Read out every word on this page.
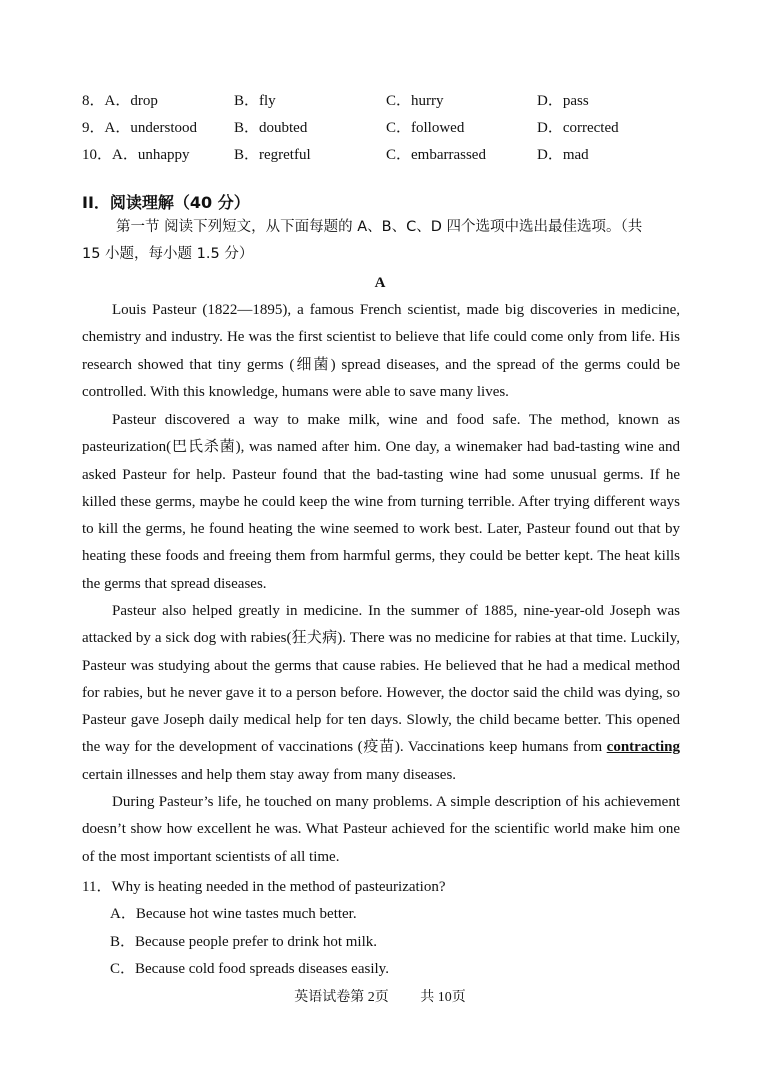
8．A．drop	B．fly	C．hurry	D．pass
9．A．understood B．doubted	C．followed	D．corrected
10．A．unhappy	B．regretful	C．embarrassed	D．mad
II．阅读理解（40 分）
第一节 阅读下列短文，从下面每题的 A、B、C、D 四个选项中选出最佳选项。（共
15 小题，每小题 1.5 分）
A

Louis Pasteur (1822—1895), a famous French scientist, made big discoveries in medicine, chemistry and industry. He was the first scientist to believe that life could come only from life. His research showed that tiny germs (细菌) spread diseases, and the spread of the germs could be controlled. With this knowledge, humans were able to save many lives.

Pasteur discovered a way to make milk, wine and food safe. The method, known as pasteurization(巴氏杀菌), was named after him. One day, a winemaker had bad-tasting wine and asked Pasteur for help. Pasteur found that the bad-tasting wine had some unusual germs. If he killed these germs, maybe he could keep the wine from turning terrible. After trying different ways to kill the germs, he found heating the wine seemed to work best. Later, Pasteur found out that by heating these foods and freeing them from harmful germs, they could be better kept. The heat kills the germs that spread diseases.

Pasteur also helped greatly in medicine. In the summer of 1885, nine-year-old Joseph was attacked by a sick dog with rabies(狂犬病). There was no medicine for rabies at that time. Luckily, Pasteur was studying about the germs that cause rabies. He believed that he had a medical method for rabies, but he never gave it to a person before. However, the doctor said the child was dying, so Pasteur gave Joseph daily medical help for ten days. Slowly, the child became better. This opened the way for the development of vaccinations (疫苗). Vaccinations keep humans from contracting certain illnesses and help them stay away from many diseases.

During Pasteur’s life, he touched on many problems. A simple description of his achievement doesn’t show how excellent he was. What Pasteur achieved for the scientific world make him one of the most important scientists of all time.

11．Why is heating needed in the method of pasteurization?
A．Because hot wine tastes much better.
B．Because people prefer to drink hot milk.
C．Because cold food spreads diseases easily.
英语试卷第 2页 共 10页
